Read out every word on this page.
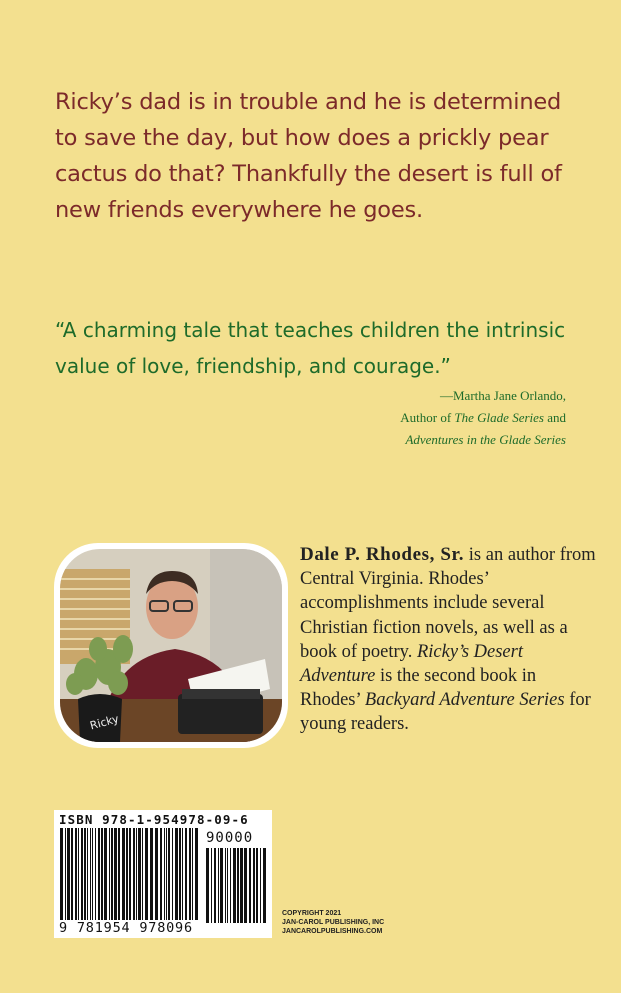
Ricky’s dad is in trouble and he is determined to save the day, but how does a prickly pear cactus do that? Thankfully the desert is full of new friends everywhere he goes.
“A charming tale that teaches children the intrinsic value of love, friendship, and courage.”
—Martha Jane Orlando,
Author of The Glade Series and
Adventures in the Glade Series
Ricky
Dale P. Rhodes, Sr. is an author from Central Virginia. Rhodes’ accomplishments include several Christian fiction novels, as well as a book of poetry. Ricky’s Desert Adventure is the second book in Rhodes’ Backyard Adventure Series for young readers.
ISBN 978-1-954978-09-6
90000
9 781954 978096
COPYRIGHT 2021
JAN-CAROL PUBLISHING, INC
JANCAROLPUBLISHING.COM
